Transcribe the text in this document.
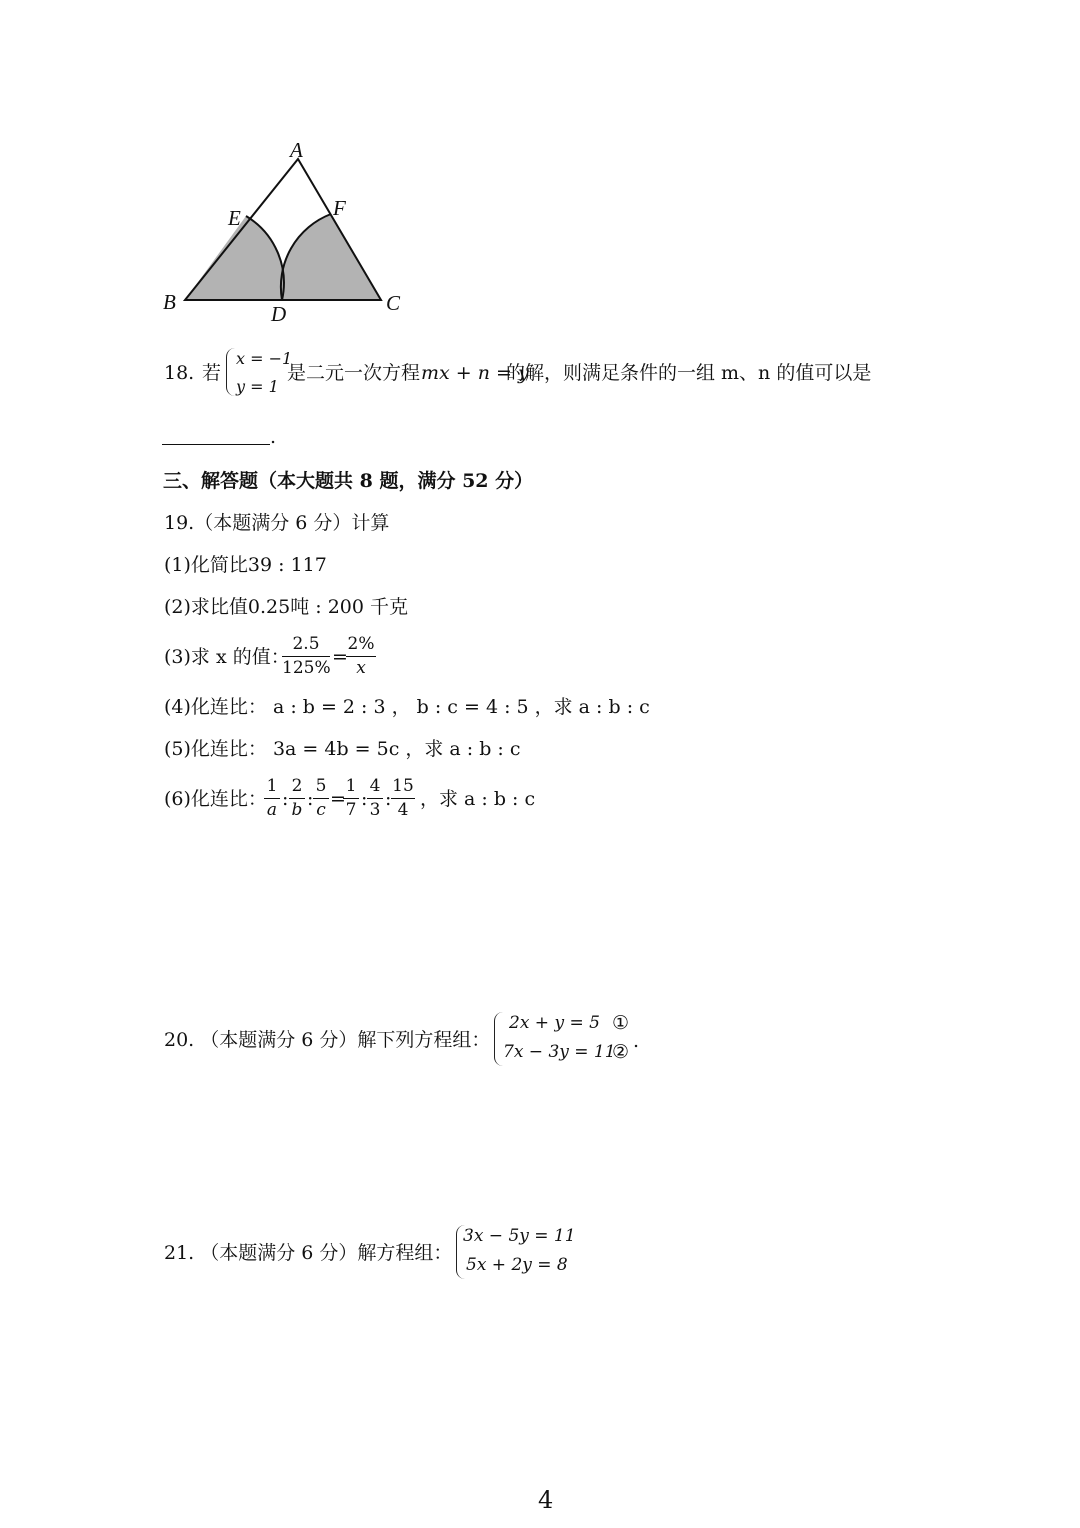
A
E	F
B	D	C
18. 若
x = −1
y = 1
是二元一次方程 mx + n = y
的解，则满足条件的一组 m、n 的值可以是
.
三、解答题（本大题共 8 题，满分 52 分）
19.（本题满分 6 分）计算
(1)化简比39 : 117
(2)求比值0.25吨 : 200 千克
(3)求 x 的值：
2.5
125% =
2%
x
(4)化连比： a : b = 2 : 3 ， b : c = 4 : 5 ，求 a : b : c
(5)化连比： 3a = 4b = 5c ，求 a : b : c
(6)化连比：
1
a :
2
b :
5
c =
1
7 :
4
3 :
15
4 ，求 a : b : c
20. （本题满分 6 分）解下列方程组：
2x + y = 5
7x − 3y = 11
①
② .
21. （本题满分 6 分）解方程组：
3x − 5y = 11
5x + 2y = 8
4
